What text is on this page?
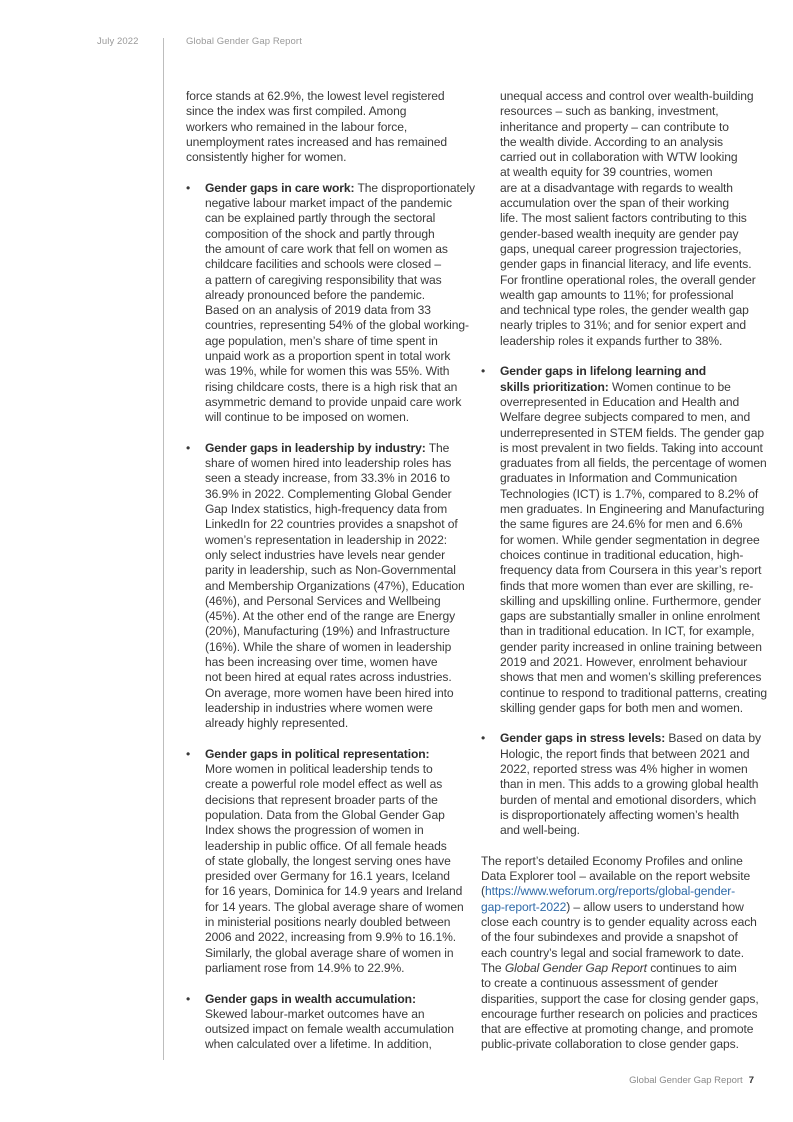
July 2022	Global Gender Gap Report
force stands at 62.9%, the lowest level registered
since the index was first compiled. Among
workers who remained in the labour force,
unemployment rates increased and has remained
consistently higher for women.
• Gender gaps in care work: The disproportionately
negative labour market impact of the pandemic
can be explained partly through the sectoral
composition of the shock and partly through
the amount of care work that fell on women as
childcare facilities and schools were closed –
a pattern of caregiving responsibility that was
already pronounced before the pandemic.
Based on an analysis of 2019 data from 33
countries, representing 54% of the global working-
age population, men’s share of time spent in
unpaid work as a proportion spent in total work
was 19%, while for women this was 55%. With
rising childcare costs, there is a high risk that an
asymmetric demand to provide unpaid care work
will continue to be imposed on women.
• Gender gaps in leadership by industry: The
share of women hired into leadership roles has
seen a steady increase, from 33.3% in 2016 to
36.9% in 2022. Complementing Global Gender
Gap Index statistics, high-frequency data from
LinkedIn for 22 countries provides a snapshot of
women’s representation in leadership in 2022:
only select industries have levels near gender
parity in leadership, such as Non-Governmental
and Membership Organizations (47%), Education
(46%), and Personal Services and Wellbeing
(45%). At the other end of the range are Energy
(20%), Manufacturing (19%) and Infrastructure
(16%). While the share of women in leadership
has been increasing over time, women have
not been hired at equal rates across industries.
On average, more women have been hired into
leadership in industries where women were
already highly represented.
• Gender gaps in political representation:
More women in political leadership tends to
create a powerful role model effect as well as
decisions that represent broader parts of the
population. Data from the Global Gender Gap
Index shows the progression of women in
leadership in public office. Of all female heads
of state globally, the longest serving ones have
presided over Germany for 16.1 years, Iceland
for 16 years, Dominica for 14.9 years and Ireland
for 14 years. The global average share of women
in ministerial positions nearly doubled between
2006 and 2022, increasing from 9.9% to 16.1%.
Similarly, the global average share of women in
parliament rose from 14.9% to 22.9%.
• Gender gaps in wealth accumulation:
Skewed labour-market outcomes have an
outsized impact on female wealth accumulation
when calculated over a lifetime. In addition,
unequal access and control over wealth-building
resources – such as banking, investment,
inheritance and property – can contribute to
the wealth divide. According to an analysis
carried out in collaboration with WTW looking
at wealth equity for 39 countries, women
are at a disadvantage with regards to wealth
accumulation over the span of their working
life. The most salient factors contributing to this
gender-based wealth inequity are gender pay
gaps, unequal career progression trajectories,
gender gaps in financial literacy, and life events.
For frontline operational roles, the overall gender
wealth gap amounts to 11%; for professional
and technical type roles, the gender wealth gap
nearly triples to 31%; and for senior expert and
leadership roles it expands further to 38%.
• Gender gaps in lifelong learning and
skills prioritization: Women continue to be
overrepresented in Education and Health and
Welfare degree subjects compared to men, and
underrepresented in STEM fields. The gender gap
is most prevalent in two fields. Taking into account
graduates from all fields, the percentage of women
graduates in Information and Communication
Technologies (ICT) is 1.7%, compared to 8.2% of
men graduates. In Engineering and Manufacturing
the same figures are 24.6% for men and 6.6%
for women. While gender segmentation in degree
choices continue in traditional education, high-
frequency data from Coursera in this year’s report
finds that more women than ever are skilling, re-
skilling and upskilling online. Furthermore, gender
gaps are substantially smaller in online enrolment
than in traditional education. In ICT, for example,
gender parity increased in online training between
2019 and 2021. However, enrolment behaviour
shows that men and women’s skilling preferences
continue to respond to traditional patterns, creating
skilling gender gaps for both men and women.
• Gender gaps in stress levels: Based on data by
Hologic, the report finds that between 2021 and
2022, reported stress was 4% higher in women
than in men. This adds to a growing global health
burden of mental and emotional disorders, which
is disproportionately affecting women’s health
and well-being.
The report’s detailed Economy Profiles and online
Data Explorer tool – available on the report website
(https://www.weforum.org/reports/global-gender-
gap-report-2022) – allow users to understand how
close each country is to gender equality across each
of the four subindexes and provide a snapshot of
each country’s legal and social framework to date.
The Global Gender Gap Report continues to aim
to create a continuous assessment of gender
disparities, support the case for closing gender gaps,
encourage further research on policies and practices
that are effective at promoting change, and promote
public-private collaboration to close gender gaps.
Global Gender Gap Report 7
